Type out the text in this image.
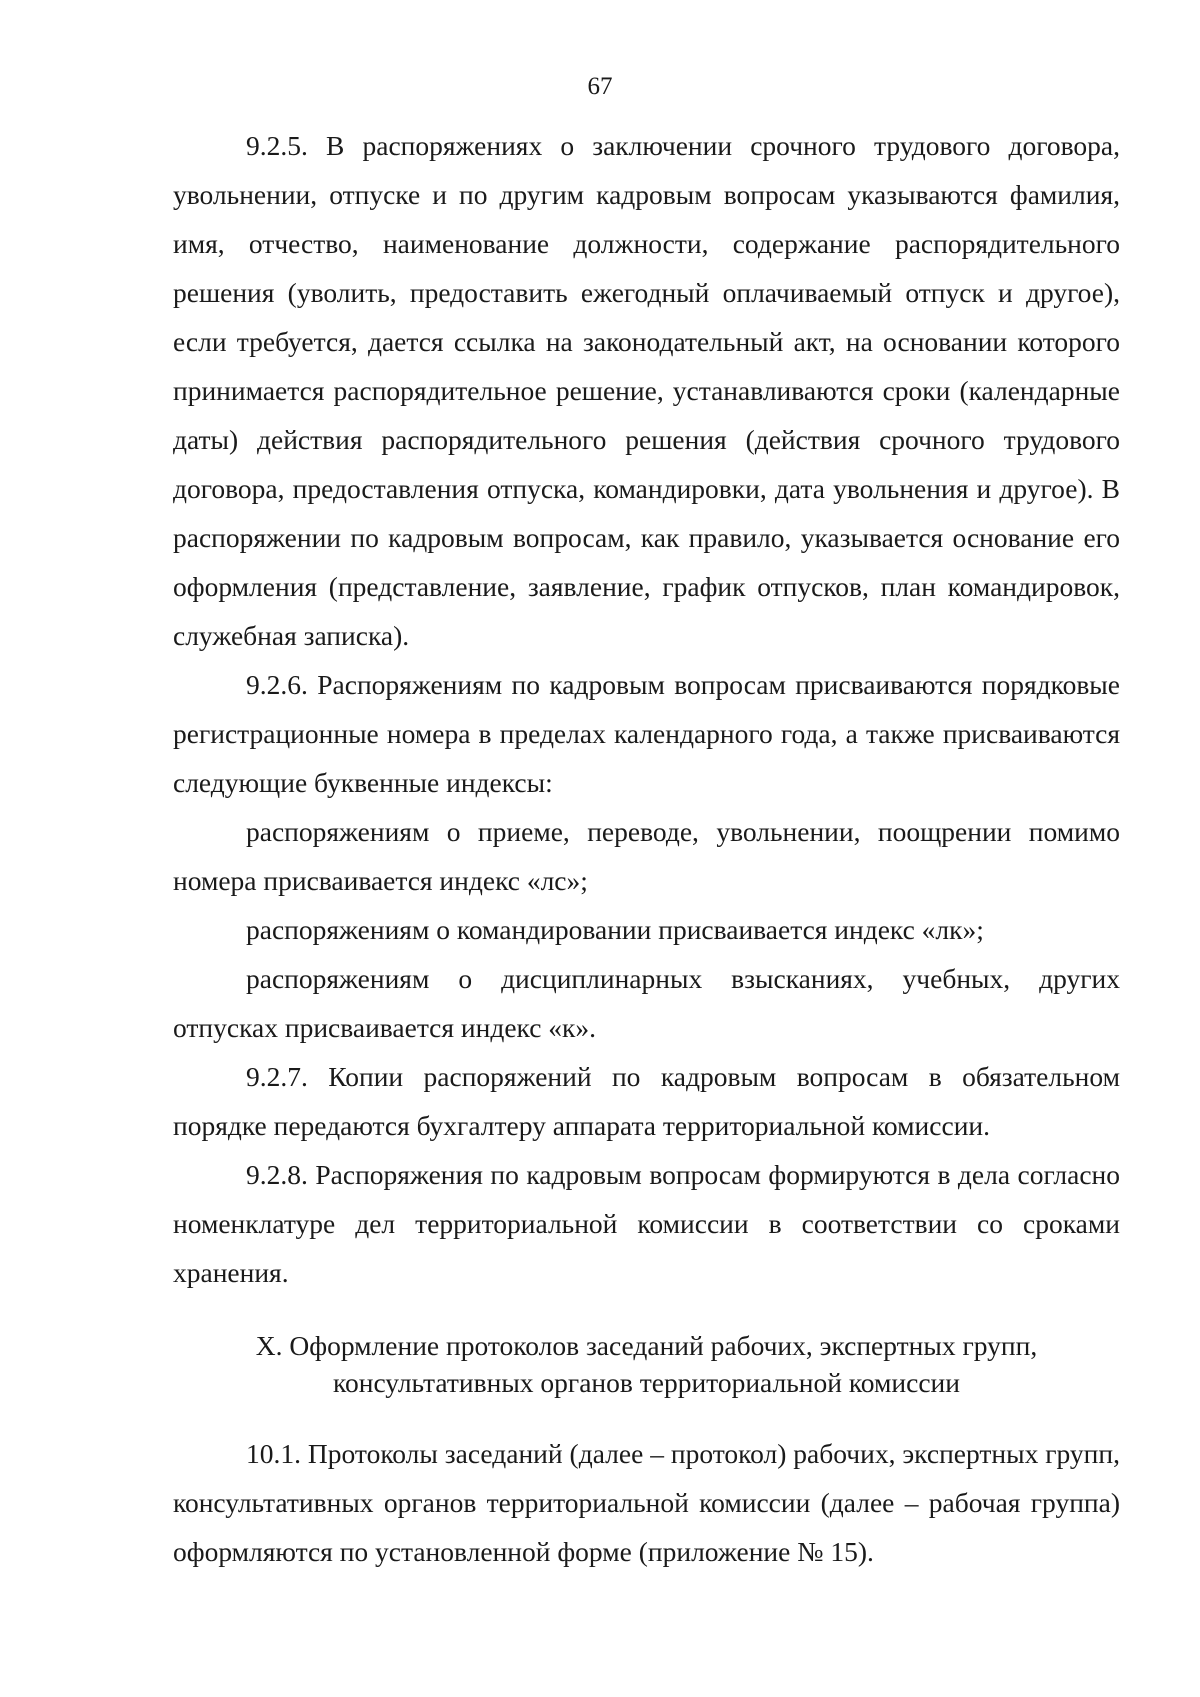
67

9.2.5. В распоряжениях о заключении срочного трудового договора, увольнении, отпуске и по другим кадровым вопросам указываются фамилия, имя, отчество, наименование должности, содержание распорядительного решения (уволить, предоставить ежегодный оплачиваемый отпуск и другое), если требуется, дается ссылка на законодательный акт, на основании которого принимается распорядительное решение, устанавливаются сроки (календарные даты) действия распорядительного решения (действия срочного трудового договора, предоставления отпуска, командировки, дата увольнения и другое). В распоряжении по кадровым вопросам, как правило, указывается основание его оформления (представление, заявление, график отпусков, план командировок, служебная записка).

9.2.6. Распоряжениям по кадровым вопросам присваиваются порядковые регистрационные номера в пределах календарного года, а также присваиваются следующие буквенные индексы:

распоряжениям о приеме, переводе, увольнении, поощрении помимо номера присваивается индекс «лс»;

распоряжениям о командировании присваивается индекс «лк»;

распоряжениям о дисциплинарных взысканиях, учебных, других отпусках присваивается индекс «к».

9.2.7. Копии распоряжений по кадровым вопросам в обязательном порядке передаются бухгалтеру аппарата территориальной комиссии.

9.2.8. Распоряжения по кадровым вопросам формируются в дела согласно номенклатуре дел территориальной комиссии в соответствии со сроками хранения.

X. Оформление протоколов заседаний рабочих, экспертных групп,
консультативных органов территориальной комиссии

10.1. Протоколы заседаний (далее – протокол) рабочих, экспертных групп, консультативных органов территориальной комиссии (далее – рабочая группа) оформляются по установленной форме (приложение № 15).
